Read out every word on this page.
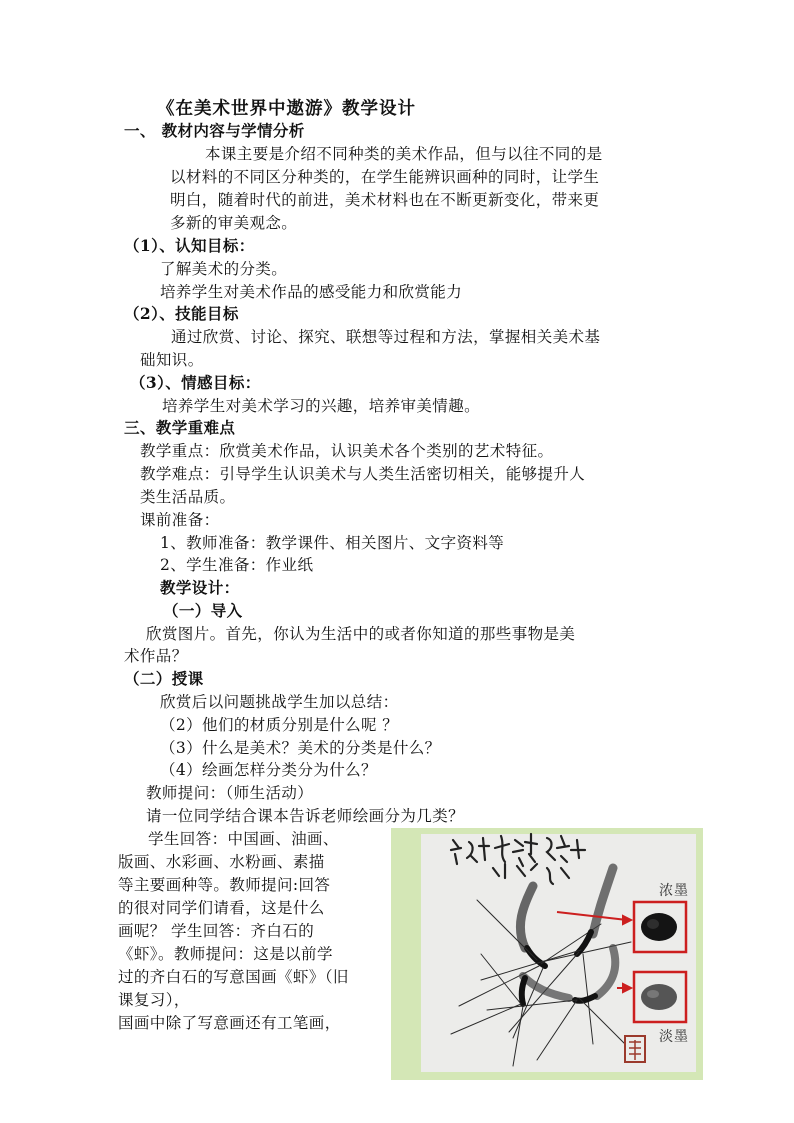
《在美术世界中遨游》教学设计
一、 教材内容与学情分析
本课主要是介绍不同种类的美术作品，但与以往不同的是
以材料的不同区分种类的，在学生能辨识画种的同时，让学生
明白，随着时代的前进，美术材料也在不断更新变化，带来更
多新的审美观念。
（1）、认知目标：
了解美术的分类。
培养学生对美术作品的感受能力和欣赏能力
（2）、技能目标
通过欣赏、讨论、探究、联想等过程和方法，掌握相关美术基
础知识。
（3）、情感目标：
培养学生对美术学习的兴趣，培养审美情趣。
三、教学重难点
教学重点：欣赏美术作品，认识美术各个类别的艺术特征。
教学难点：引导学生认识美术与人类生活密切相关，能够提升人
类生活品质。
课前准备：
1、教师准备：教学课件、相关图片、文字资料等
2、学生准备：作业纸
教学设计：
（一）导入
欣赏图片。首先，你认为生活中的或者你知道的那些事物是美
术作品？
（二）授课
欣赏后以问题挑战学生加以总结：
（2）他们的材质分别是什么呢 ？
（3）什么是美术？美术的分类是什么？
（4）绘画怎样分类分为什么？
教师提问：（师生活动）
请一位同学结合课本告诉老师绘画分为几类？
学生回答：中国画、油画、
版画、水彩画、水粉画、素描
等主要画种等。教师提问:回答
的很对同学们请看，这是什么
画呢？ 学生回答：齐白石的
《虾》。教师提问：这是以前学
过的齐白石的写意国画《虾》（旧
课复习），
国画中除了写意画还有工笔画，
浓墨
淡墨
